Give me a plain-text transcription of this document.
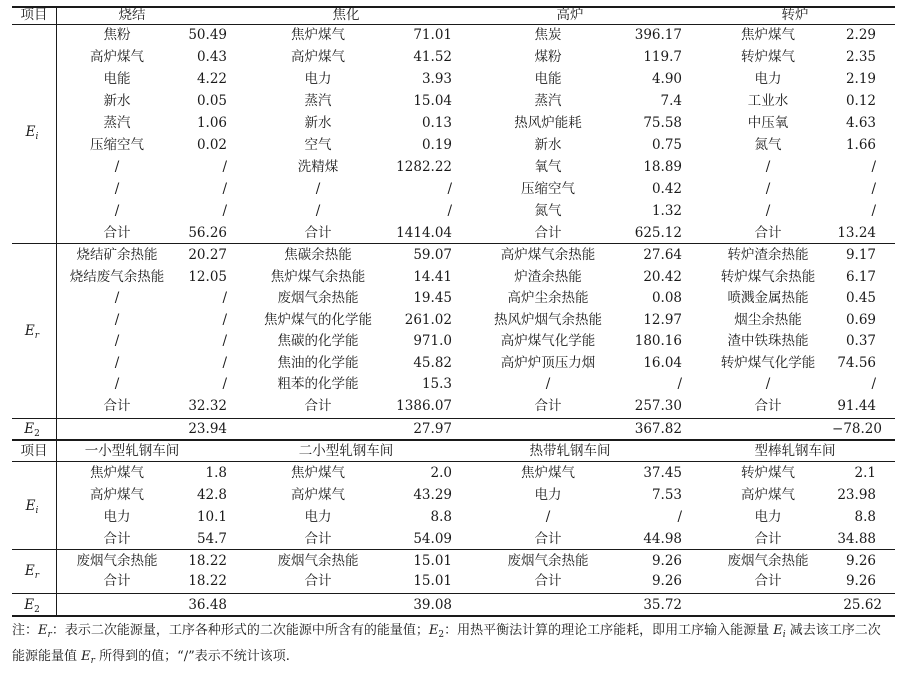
项目	烧结	焦化	高炉	转炉
焦粉	50.49	焦炉煤气	71.01	焦炭	396.17	焦炉煤气	2.29
高炉煤气	0.43	高炉煤气	41.52	煤粉	119.7	转炉煤气	2.35
电能	4.22	电力	3.93	电能	4.90	电力	2.19
新水	0.05	蒸汽	15.04	蒸汽	7.4	工业水	0.12
蒸汽	1.06	新水	0.13	热风炉能耗	75.58	中压氧	4.63
压缩空气	0.02	空气	0.19	新水	0.75	氮气	1.66
/	/	洗精煤	1282.22	氧气	18.89	/	/
/	/	/	/	压缩空气	0.42	/	/
/	/	/	/	氮气	1.32	/	/
合计	56.26	合计	1414.04	合计	625.12	合计	13.24
$E_i$
烧结矿余热能 20.27	焦碳余热能	59.07	高炉煤气余热能	27.64	转炉渣余热能	9.17
烧结废气余热能 12.05	焦炉煤气余热能	14.41	炉渣余热能	20.42	转炉煤气余热能 6.17
/	/	废烟气余热能	19.45	高炉尘余热能	0.08	喷溅金属热能	0.45
/	/	焦炉煤气的化学能 261.02	热风炉烟气余热能	12.97	烟尘余热能	0.69
/	/	焦碳的化学能	971.0	高炉煤气化学能	180.16	渣中铁珠热能	0.37
/	/	焦油的化学能	45.82	高炉炉顶压力烟	16.04	转炉煤气化学能 74.56
/	/	粗苯的化学能	15.3	/	/	/	/
合计	32.32	合计	1386.07	合计	257.30	合计	91.44
$E_r$
$E_2$	23.94	27.97	367.82	−78.20
项目	一小型轧钢车间	二小型轧钢车间	热带轧钢车间	型棒轧钢车间
焦炉煤气	1.8	焦炉煤气	2.0	焦炉煤气	37.45	转炉煤气	2.1
高炉煤气	42.8	高炉煤气	43.29	电力	7.53	高炉煤气	23.98
电力	10.1	电力	8.8	/	/	电力	8.8
合计	54.7	合计	54.09	合计	44.98	合计	34.88
$E_i$
废烟气余热能 18.22	废烟气余热能	15.01	废烟气余热能	9.26	废烟气余热能	9.26
合计	18.22	合计	15.01	合计	9.26	合计	9.26
$E_r$
$E_2$	36.48	39.08	35.72	25.62
注：$E_r$：表示二次能源量，工序各种形式的二次能源中所含有的能量值；$E_2$：用热平衡法计算的理论工序能耗，即用工序输入能源量 $E_i$ 减去该工序二次能源能量值 $E_r$ 所得到的值；“/”表示不统计该项.
